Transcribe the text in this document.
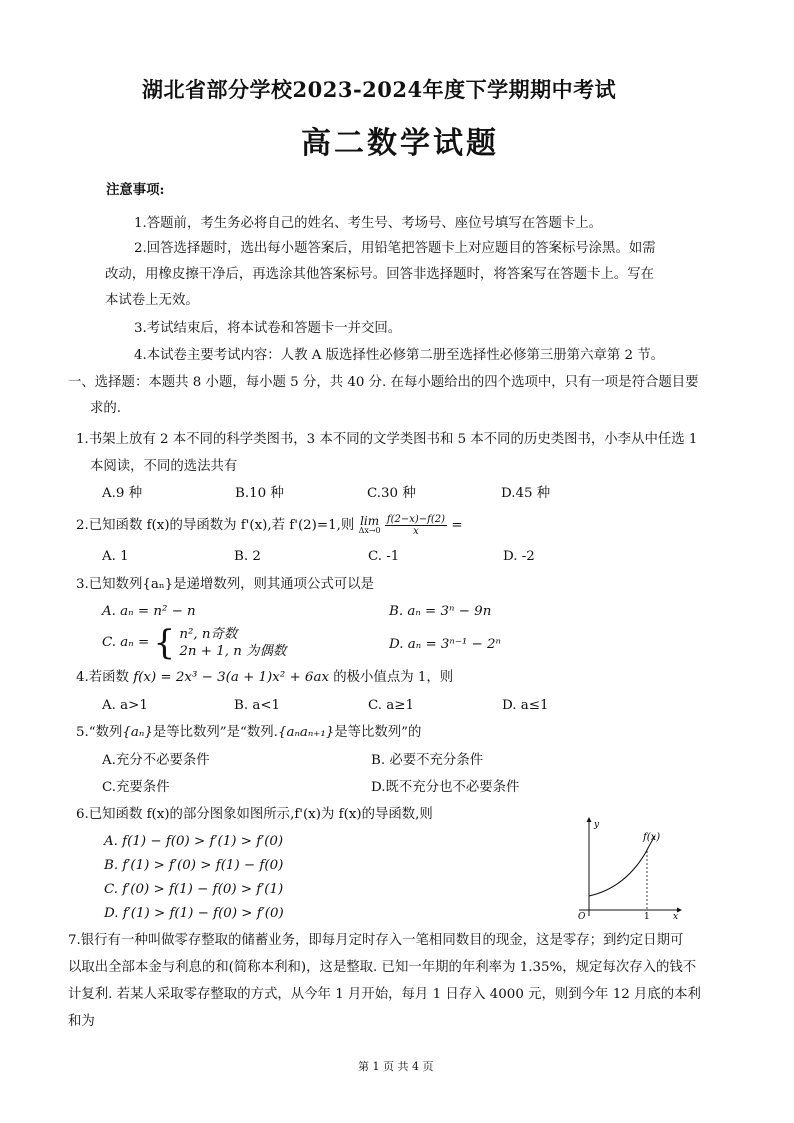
湖北省部分学校2023-2024年度下学期期中考试
高二数学试题
注意事项:
1.答题前，考生务必将自己的姓名、考生号、考场号、座位号填写在答题卡上。
2.回答选择题时，选出每小题答案后，用铅笔把答题卡上对应题目的答案标号涂黑。如需
改动，用橡皮擦干净后，再选涂其他答案标号。回答非选择题时，将答案写在答题卡上。写在
本试卷上无效。
3.考试结束后，将本试卷和答题卡一并交回。
4.本试卷主要考试内容：人教 A 版选择性必修第二册至选择性必修第三册第六章第 2 节。
一、选择题：本题共 8 小题，每小题 5 分，共 40 分. 在每小题给出的四个选项中，只有一项是符合题目要
求的.
1.书架上放有 2 本不同的科学类图书，3 本不同的文学类图书和 5 本不同的历史类图书，小李从中任选 1
本阅读，不同的选法共有
A.9 种	B.10 种	C.30 种	D.45 种
2.已知函数 f(x)的导函数为 f'(x),若 f'(2)=1,则 lim
Δx→0
$\frac{f(2-x)-f(2)}{x}$ =
A. 1	B. 2	C. -1	D. -2
3.已知数列{aₙ}是递增数列，则其通项公式可以是
A. aₙ = n² − n	B. aₙ = 3ⁿ − 9n
C. aₙ = { n², n奇数
2n + 1, n 为偶数	D. aₙ = 3ⁿ⁻¹ − 2ⁿ
4.若函数 f(x) = 2x³ − 3(a + 1)x² + 6ax 的极小值点为 1，则
A. a>1	B. a<1	C. a≥1	D. a≤1
5.“数列{aₙ}是等比数列”是“数列.{aₙaₙ₊₁}是等比数列”的
A.充分不必要条件	B. 必要不充分条件
C.充要条件	D.既不充分也不必要条件
6.已知函数 f(x)的部分图象如图所示,f'(x)为 f(x)的导函数,则
A. f(1) − f(0) > f′(1) > f′(0)
B. f′(1) > f′(0) > f(1) − f(0)
C. f′(0) > f(1) − f(0) > f′(1)
D. f′(1) > f(1) − f(0) > f′(0)
y
x
O	1
f(x)
7.银行有一种叫做零存整取的储蓄业务，即每月定时存入一笔相同数目的现金，这是零存；到约定日期可
以取出全部本金与利息的和(简称本利和)，这是整取. 已知一年期的年利率为 1.35%，规定每次存入的钱不
计复利. 若某人采取零存整取的方式，从今年 1 月开始，每月 1 日存入 4000 元，则到今年 12 月底的本利
和为
第 1 页 共 4 页
